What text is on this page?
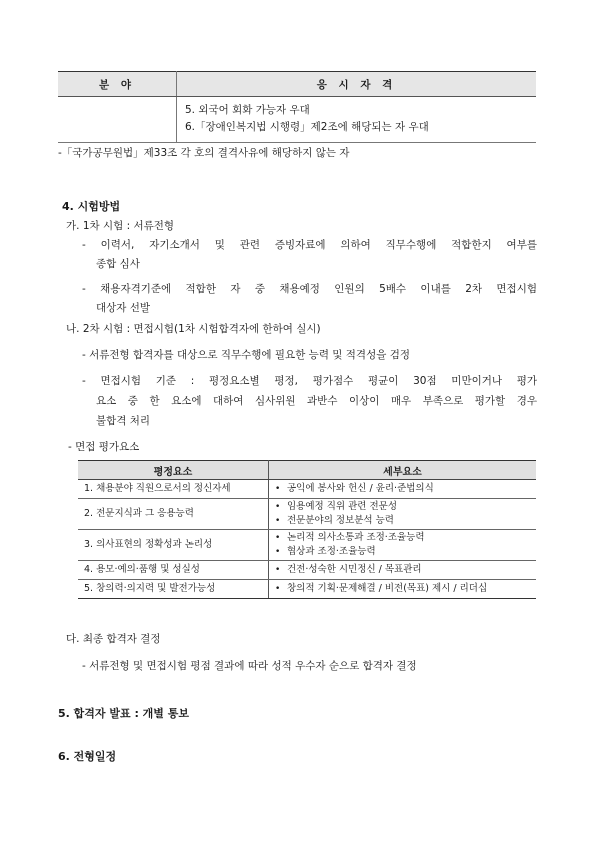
분 야	응 시 자 격

	5. 외국어 회화 가능자 우대
6.「장애인복지법 시행령」제2조에 해당되는 자 우대
-「국가공무원법」제33조 각 호의 결격사유에 해당하지 않는 자
4. 시험방법
가. 1차 시험 : 서류전형
- 이력서, 자기소개서 및 관련 증빙자료에 의하여 직무수행에 적합한지 여부를
종합 심사
- 채용자격기준에 적합한 자 중 채용예정 인원의 5배수 이내를 2차 면접시험
대상자 선발
나. 2차 시험 : 면접시험(1차 시험합격자에 한하여 실시)
- 서류전형 합격자를 대상으로 직무수행에 필요한 능력 및 적격성을 검정
- 면접시험 기준 : 평정요소별 평정, 평가점수 평균이 30점 미만이거나 평가
요소 중 한 요소에 대하여 심사위원 과반수 이상이 매우 부족으로 평가할 경우
불합격 처리
- 면접 평가요소
평정요소	세부요소
1. 채용분야 직원으로서의 정신자세	• 공익에 봉사와 헌신 / 윤리·준법의식

2. 전문지식과 그 응용능력	• 임용예정 직위 관련 전문성
• 전문분야의 정보분석 능력

3. 의사표현의 정확성과 논리성	• 논리적 의사소통과 조정·조율능력
• 협상과 조정·조율능력

4. 용모·예의·품행 및 성실성	• 건전·성숙한 시민정신 / 목표관리

5. 창의력·의지력 및 발전가능성	• 창의적 기획·문제해결 / 비전(목표) 제시 / 리더십
다. 최종 합격자 결정
- 서류전형 및 면접시험 평점 결과에 따라 성적 우수자 순으로 합격자 결정
5. 합격자 발표 : 개별 통보
6. 전형일정
